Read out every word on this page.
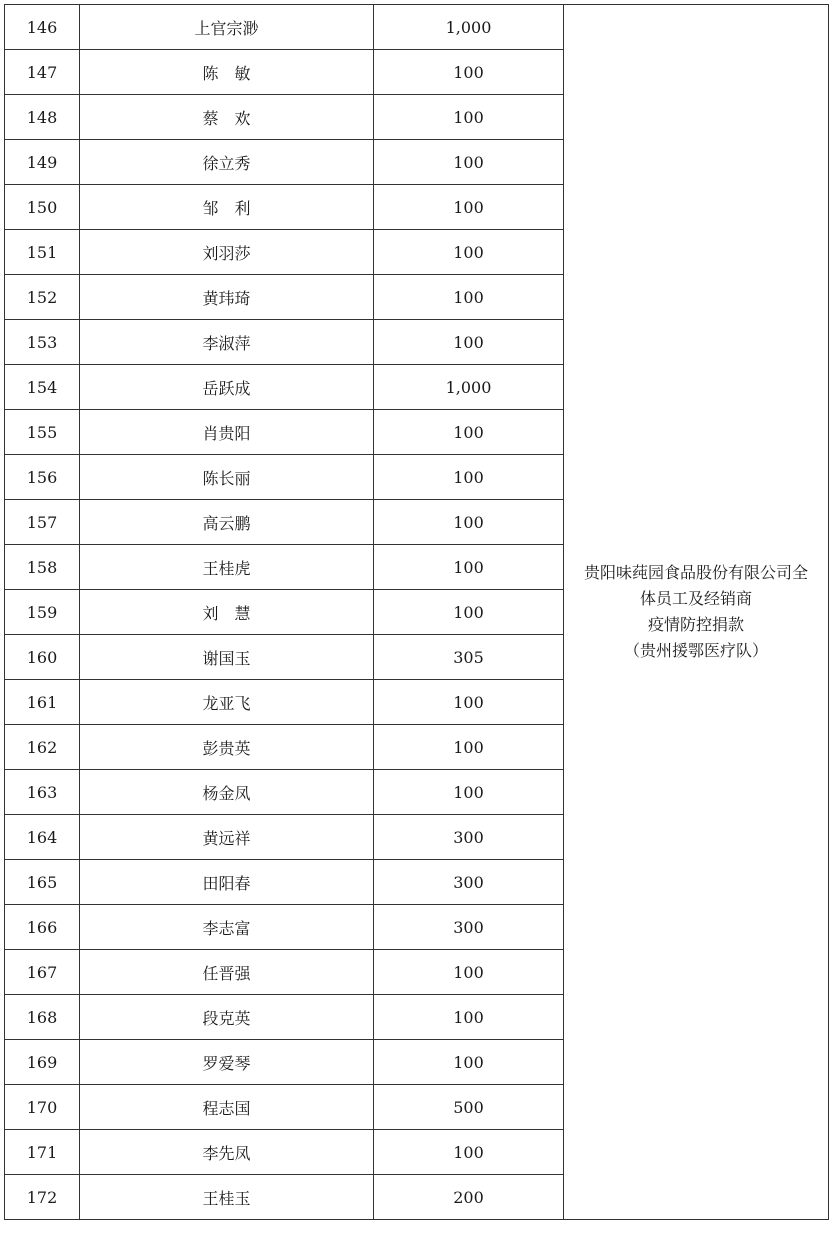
146	上官宗渺	1,000	贵阳味莼园食品股份有限公司全
体员工及经销商
疫情防控捐款
（贵州援鄂医疗队）

147	陈　敏	100	
148	蔡　欢	100	
149	徐立秀	100	
150	邹　利	100	
151	刘羽莎	100	
152	黄玮琦	100	
153	李淑萍	100	
154	岳跃成	1,000	
155	肖贵阳	100	
156	陈长丽	100	
157	高云鹏	100	
158	王桂虎	100	
159	刘　慧	100	
160	谢国玉	305	
161	龙亚飞	100	
162	彭贵英	100	
163	杨金凤	100	
164	黄远祥	300	
165	田阳春	300	
166	李志富	300	
167	任晋强	100	
168	段克英	100	
169	罗爱琴	100	
170	程志国	500	
171	李先凤	100	
172	王桂玉	200	
